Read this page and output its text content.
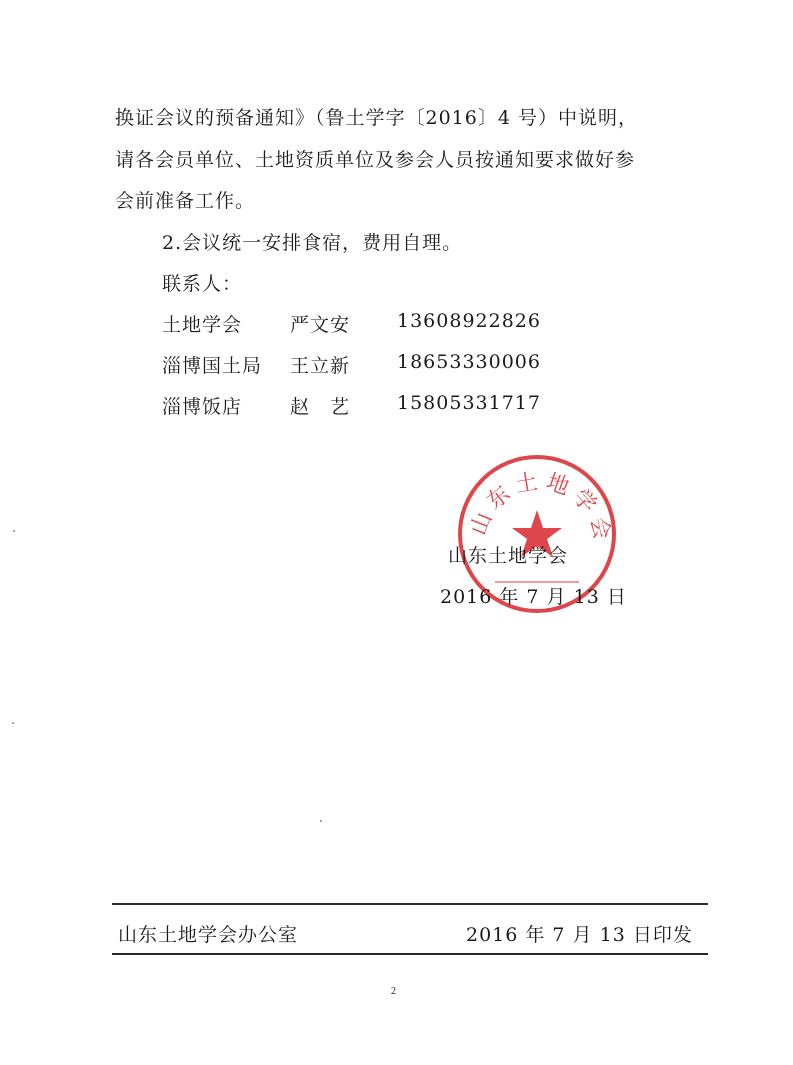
换证会议的预备通知》（鲁土学字〔2016〕4 号）中说明，
请各会员单位、土地资质单位及参会人员按通知要求做好参
会前准备工作。
2.会议统一安排食宿，费用自理。
联系人：
土地学会	严文安 13608922826
淄博国土局 王立新 18653330006
淄博饭店	赵　艺 15805331717
山东土地学会
山东土地学会
2016 年 7 月 13 日
山东土地学会办公室	2016 年 7 月 13 日印发
2
